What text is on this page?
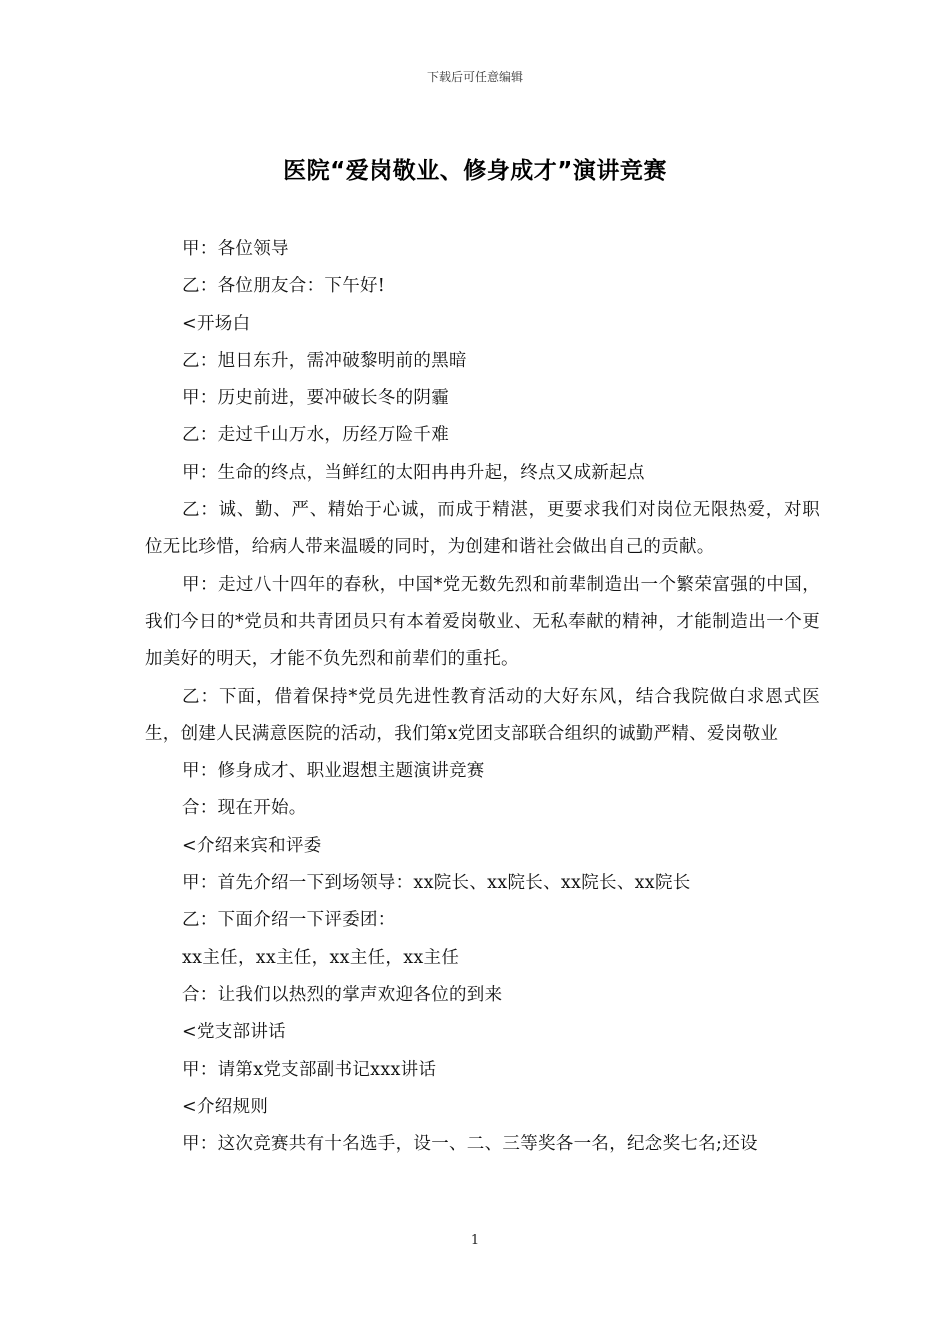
下载后可任意编辑
医院“爱岗敬业、修身成才”演讲竞赛

甲：各位领导

乙：各位朋友合：下午好!

<开场白

乙：旭日东升，需冲破黎明前的黑暗

甲：历史前进，要冲破长冬的阴霾

乙：走过千山万水，历经万险千难

甲：生命的终点，当鲜红的太阳冉冉升起，终点又成新起点

乙：诚、勤、严、精始于心诚，而成于精湛，更要求我们对岗位无限热爱，对职位无比珍惜，给病人带来温暖的同时，为创建和谐社会做出自己的贡献。

甲：走过八十四年的春秋，中国*党无数先烈和前辈制造出一个繁荣富强的中国，我们今日的*党员和共青团员只有本着爱岗敬业、无私奉献的精神，才能制造出一个更加美好的明天，才能不负先烈和前辈们的重托。

乙：下面，借着保持*党员先进性教育活动的大好东风，结合我院做白求恩式医生，创建人民满意医院的活动，我们第x党团支部联合组织的诚勤严精、爱岗敬业

甲：修身成才、职业遐想主题演讲竞赛

合：现在开始。

<介绍来宾和评委

甲：首先介绍一下到场领导：xx院长、xx院长、xx院长、xx院长

乙：下面介绍一下评委团：

xx主任，xx主任，xx主任，xx主任

合：让我们以热烈的掌声欢迎各位的到来

<党支部讲话

甲：请第x党支部副书记xxx讲话

<介绍规则

甲：这次竞赛共有十名选手，设一、二、三等奖各一名，纪念奖七名;还设

1
